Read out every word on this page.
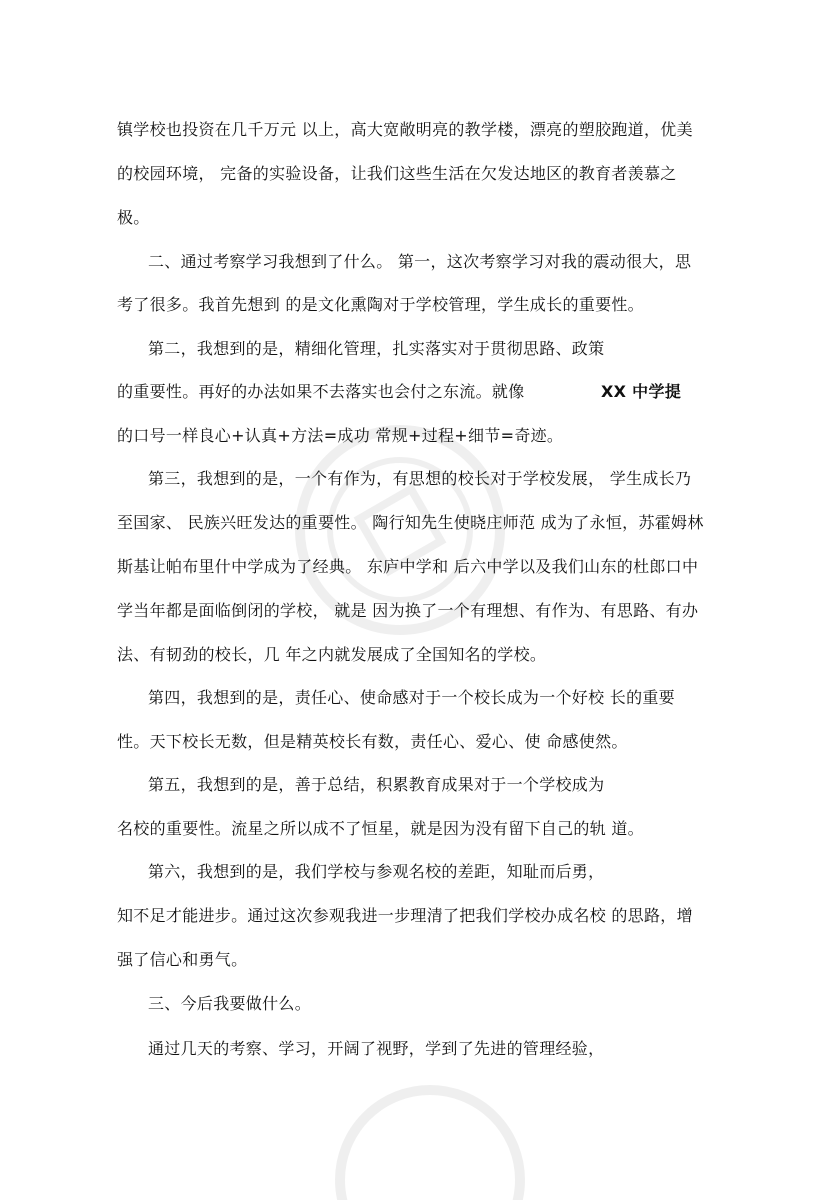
镇学校也投资在几千万元 以上，高大宽敞明亮的教学楼，漂亮的塑胶跑道，优美
的校园环境， 完备的实验设备，让我们这些生活在欠发达地区的教育者羡慕之
极。
二、通过考察学习我想到了什么。 第一，这次考察学习对我的震动很大，思
考了很多。我首先想到 的是文化熏陶对于学校管理，学生成长的重要性。
第二，我想到的是，精细化管理，扎实落实对于贯彻思路、政策
的重要性。再好的办法如果不去落实也会付之东流。就像	XX 中学提
的口号一样良心+认真+方法=成功 常规+过程+细节=奇迹。
第三，我想到的是，一个有作为，有思想的校长对于学校发展， 学生成长乃
至国家、 民族兴旺发达的重要性。 陶行知先生使晓庄师范 成为了永恒，苏霍姆林
斯基让帕布里什中学成为了经典。 东庐中学和 后六中学以及我们山东的杜郎口中
学当年都是面临倒闭的学校， 就是 因为换了一个有理想、有作为、有思路、有办
法、有韧劲的校长，几 年之内就发展成了全国知名的学校。
第四，我想到的是，责任心、使命感对于一个校长成为一个好校 长的重要
性。天下校长无数，但是精英校长有数，责任心、爱心、使 命感使然。
第五，我想到的是，善于总结，积累教育成果对于一个学校成为
名校的重要性。流星之所以成不了恒星，就是因为没有留下自己的轨 道。
第六，我想到的是，我们学校与参观名校的差距，知耻而后勇，
知不足才能进步。通过这次参观我进一步理清了把我们学校办成名校 的思路，增
强了信心和勇气。
三、今后我要做什么。
通过几天的考察、学习，开阔了视野，学到了先进的管理经验，
